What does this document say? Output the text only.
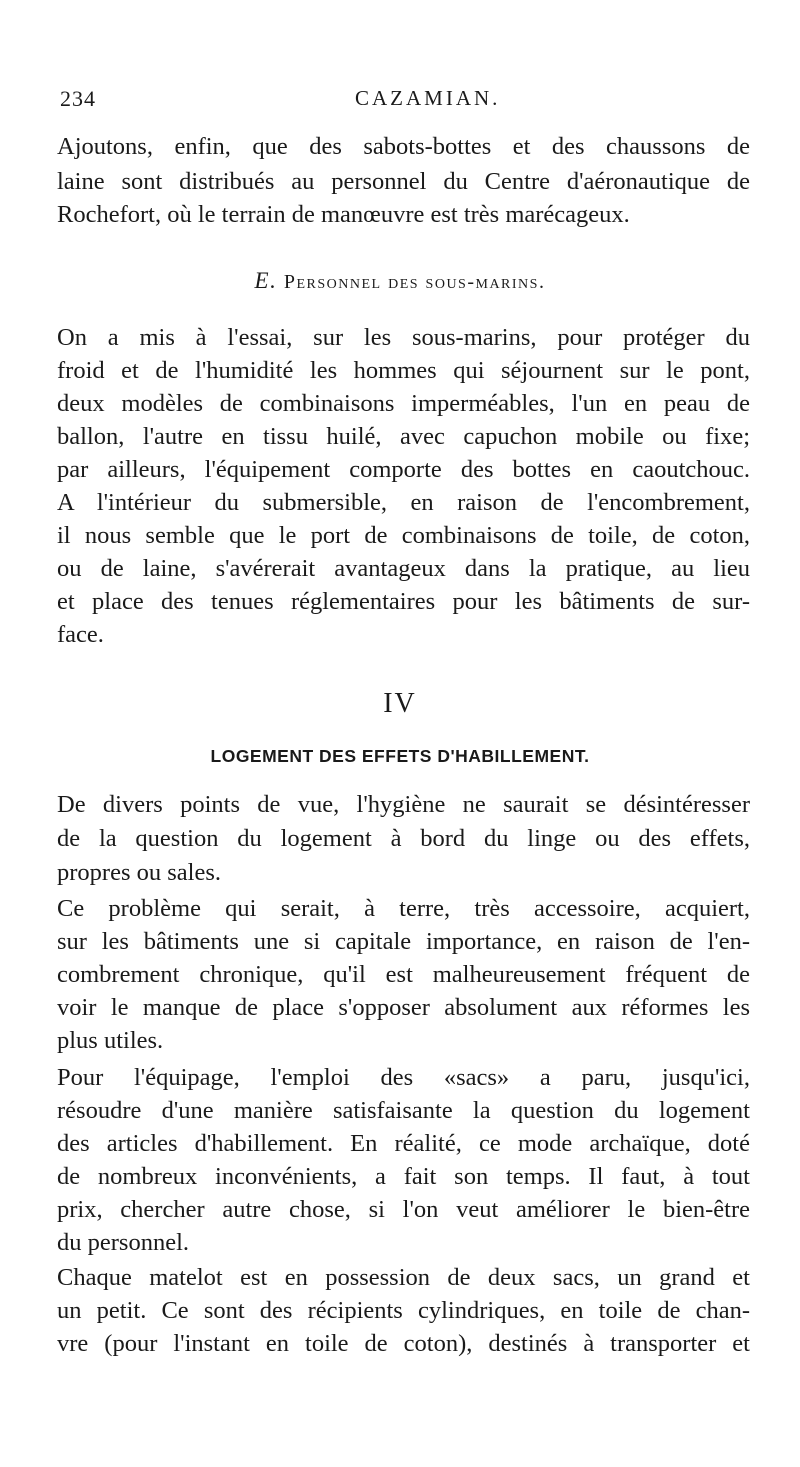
234	CAZAMIAN.
Ajoutons, enfin, que des sabots-bottes et des chaussons de
laine sont distribués au personnel du Centre d'aéronautique de
Rochefort, où le terrain de manœuvre est très marécageux.
E. Personnel des sous-marins.
On a mis à l'essai, sur les sous-marins, pour protéger du
froid et de l'humidité les hommes qui séjournent sur le pont,
deux modèles de combinaisons imperméables, l'un en peau de
ballon, l'autre en tissu huilé, avec capuchon mobile ou fixe;
par ailleurs, l'équipement comporte des bottes en caoutchouc.
A l'intérieur du submersible, en raison de l'encombrement,
il nous semble que le port de combinaisons de toile, de coton,
ou de laine, s'avérerait avantageux dans la pratique, au lieu
et place des tenues réglementaires pour les bâtiments de sur-
face.
IV
LOGEMENT DES EFFETS D'HABILLEMENT.
De divers points de vue, l'hygiène ne saurait se désintéresser
de la question du logement à bord du linge ou des effets,
propres ou sales.
Ce problème qui serait, à terre, très accessoire, acquiert,
sur les bâtiments une si capitale importance, en raison de l'en-
combrement chronique, qu'il est malheureusement fréquent de
voir le manque de place s'opposer absolument aux réformes les
plus utiles.
Pour l'équipage, l'emploi des «sacs» a paru, jusqu'ici,
résoudre d'une manière satisfaisante la question du logement
des articles d'habillement. En réalité, ce mode archaïque, doté
de nombreux inconvénients, a fait son temps. Il faut, à tout
prix, chercher autre chose, si l'on veut améliorer le bien-être
du personnel.
Chaque matelot est en possession de deux sacs, un grand et
un petit. Ce sont des récipients cylindriques, en toile de chan-
vre (pour l'instant en toile de coton), destinés à transporter et
